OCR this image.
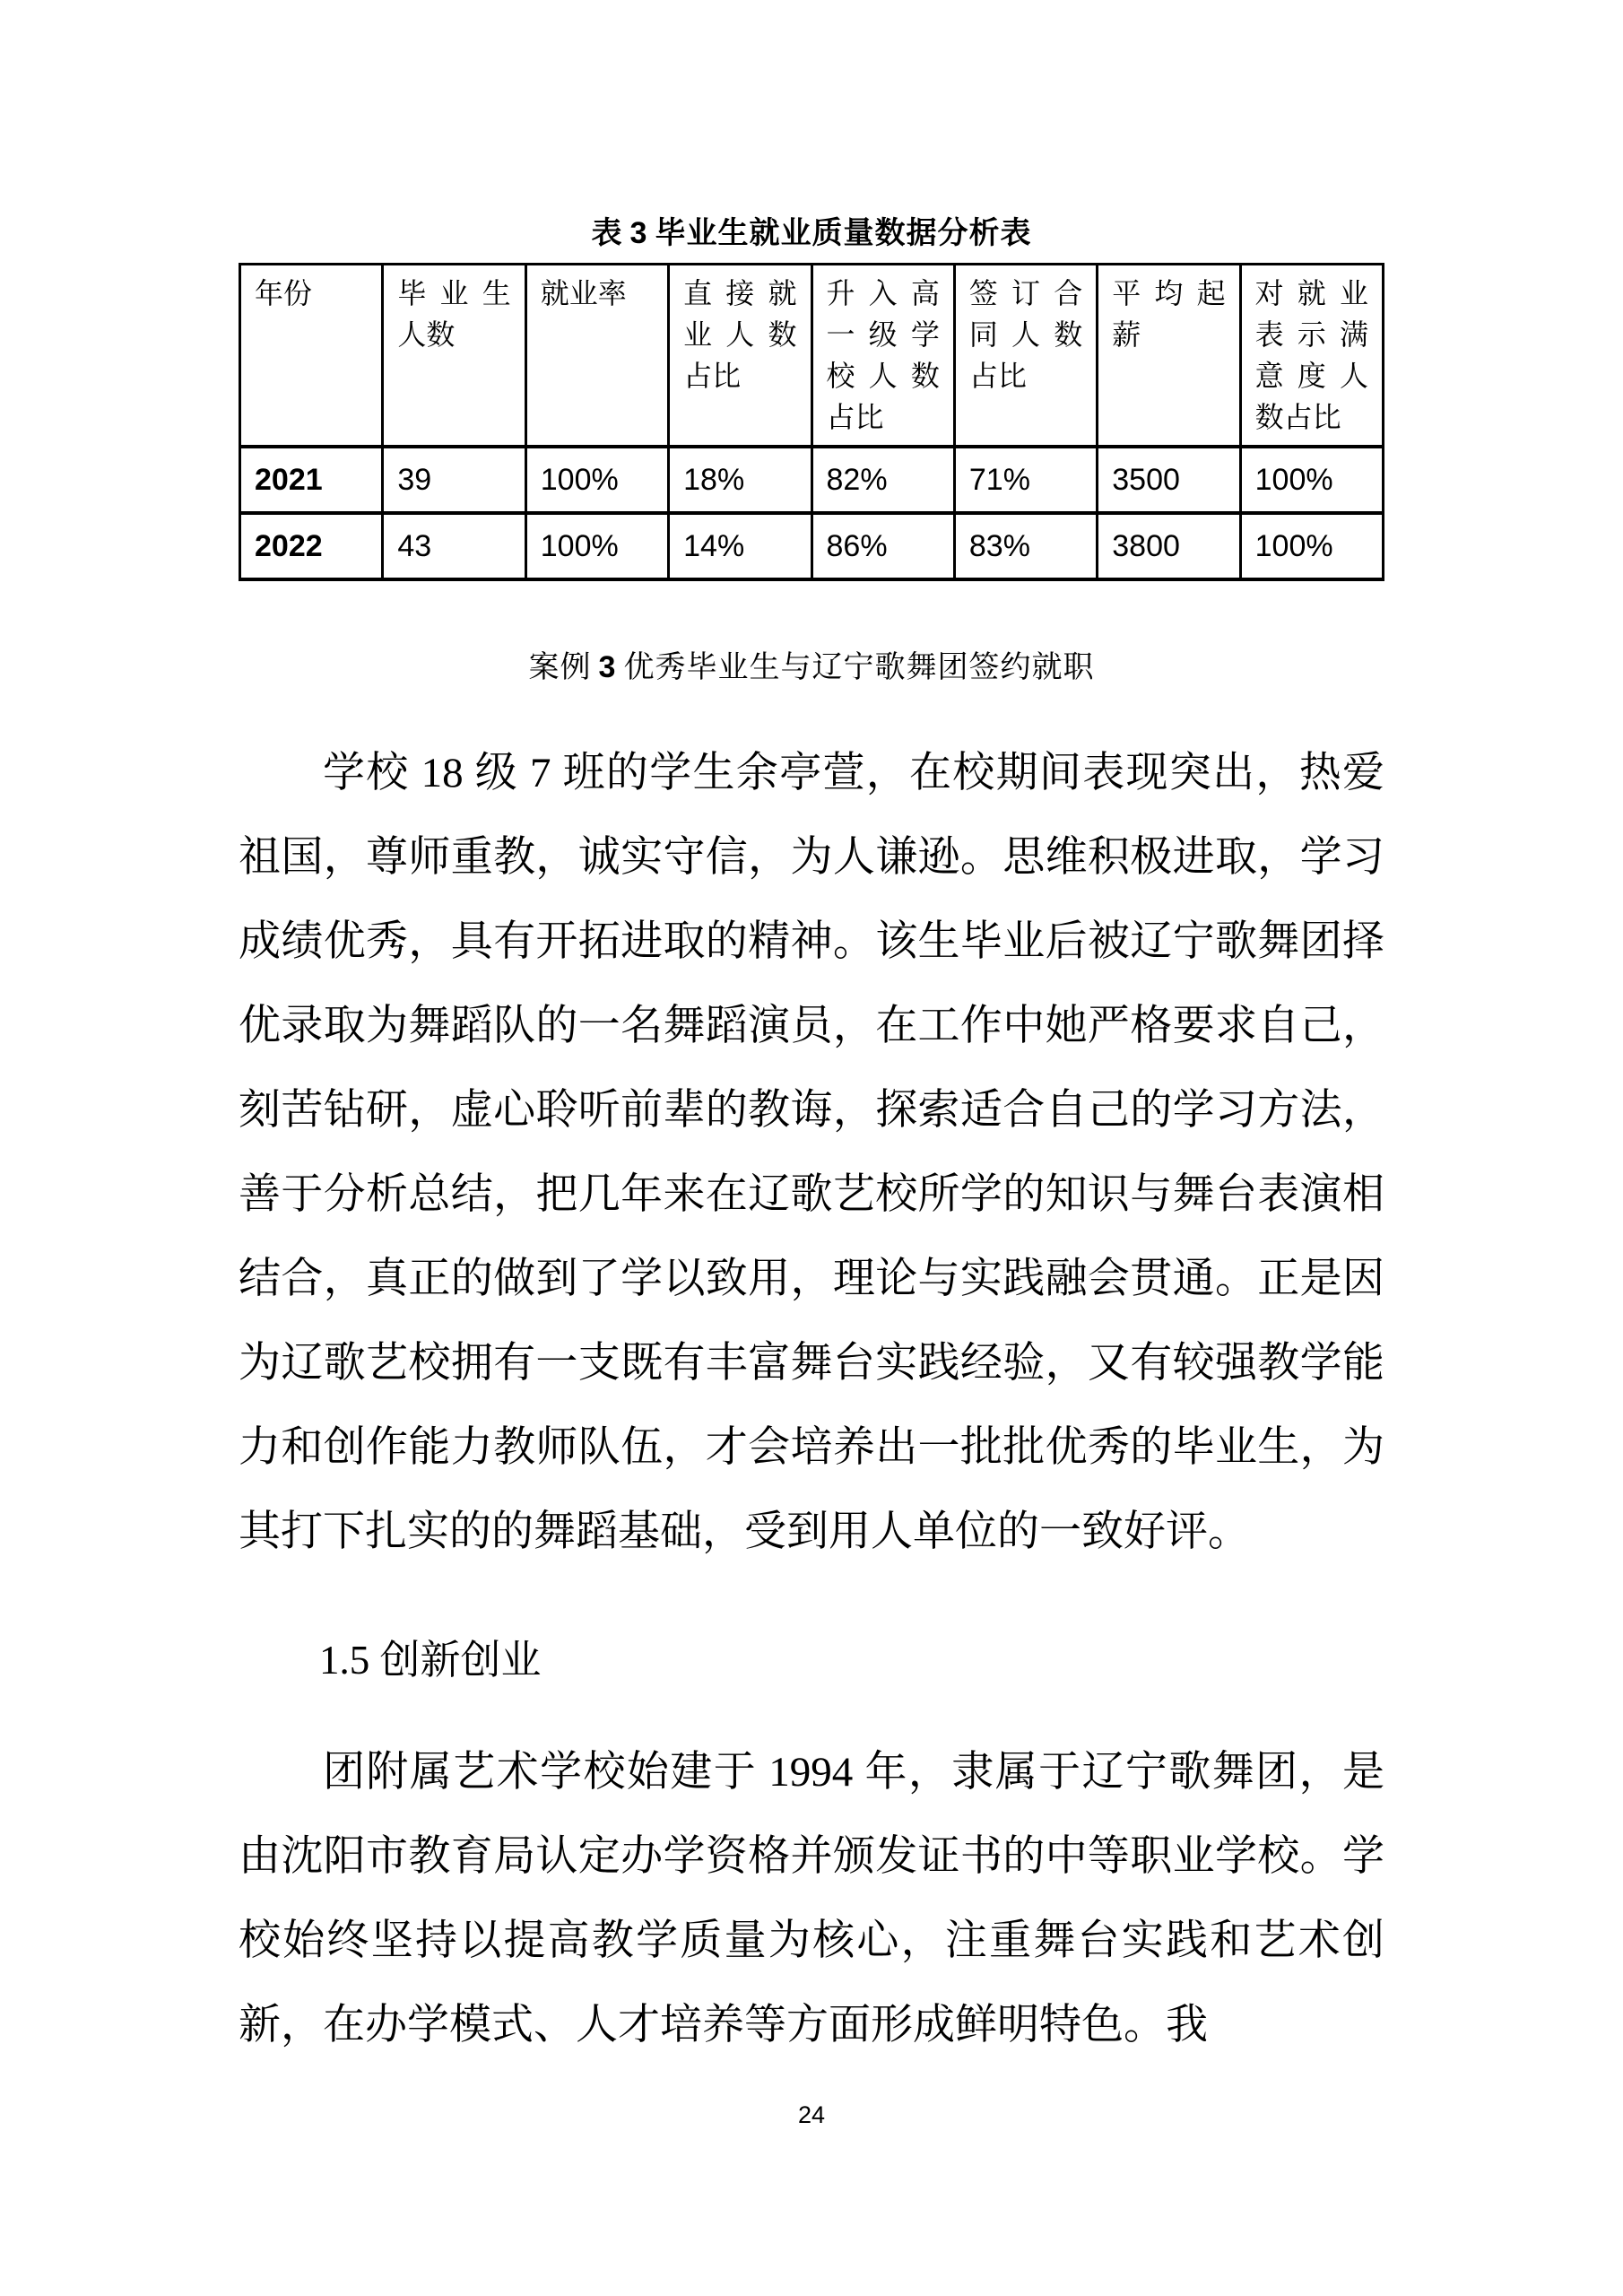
表 3 毕业生就业质量数据分析表
年份	毕业生人数	就业率	直接就业人数占比	升入高一级学校人数占比	签订合同人数占比	平均起薪	对就业表示满意度人数占比
2021	39	100%	18%	82%	71%	3500	100%
2022	43	100%	14%	86%	83%	3800	100%
案例 3 优秀毕业生与辽宁歌舞团签约就职

学校 18 级 7 班的学生余亭萱，在校期间表现突出，热爱祖国，尊师重教，诚实守信，为人谦逊。思维积极进取，学习成绩优秀，具有开拓进取的精神。该生毕业后被辽宁歌舞团择优录取为舞蹈队的一名舞蹈演员，在工作中她严格要求自己，刻苦钻研，虚心聆听前辈的教诲，探索适合自己的学习方法，善于分析总结，把几年来在辽歌艺校所学的知识与舞台表演相结合，真正的做到了学以致用，理论与实践融会贯通。正是因为辽歌艺校拥有一支既有丰富舞台实践经验，又有较强教学能力和创作能力教师队伍，才会培养出一批批优秀的毕业生，为其打下扎实的的舞蹈基础，受到用人单位的一致好评。

1.5 创新创业

团附属艺术学校始建于 1994 年，隶属于辽宁歌舞团，是由沈阳市教育局认定办学资格并颁发证书的中等职业学校。学校始终坚持以提高教学质量为核心，注重舞台实践和艺术创新，在办学模式、人才培养等方面形成鲜明特色。我

24
